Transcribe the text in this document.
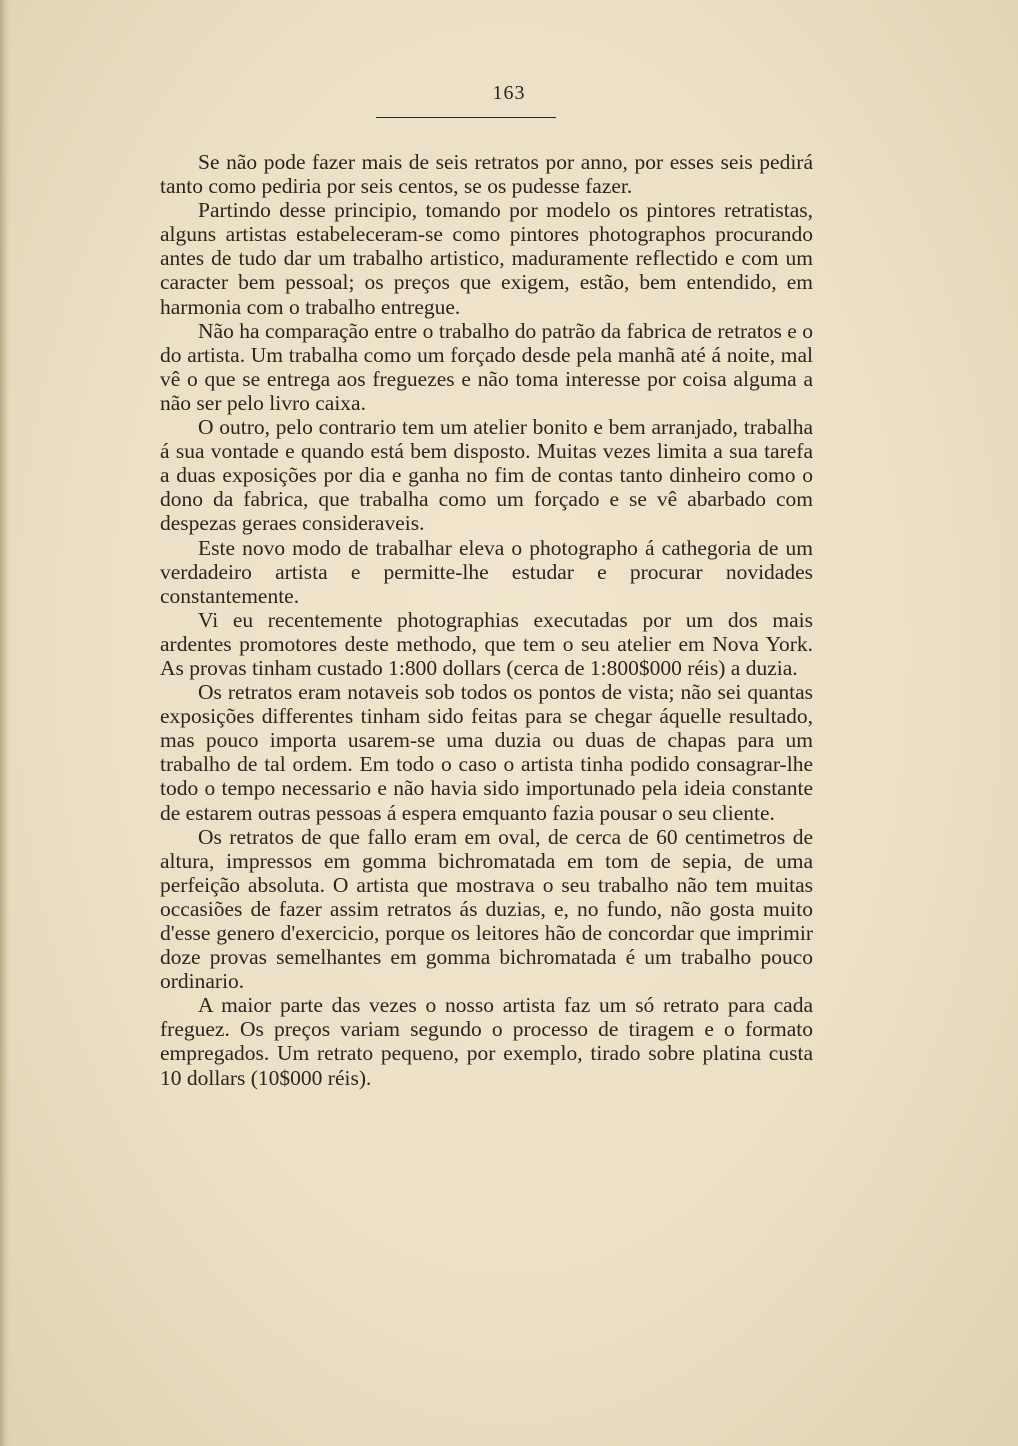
163

Se não pode fazer mais de seis retratos por anno, por esses seis pedirá tanto como pediria por seis centos, se os pudesse fazer.

Partindo desse principio, tomando por modelo os pintores retratistas, alguns artistas estabeleceram-se como pintores photographos procurando antes de tudo dar um trabalho artistico, maduramente reflectido e com um caracter bem pessoal; os preços que exigem, estão, bem entendido, em harmonia com o trabalho entregue.

Não ha comparação entre o trabalho do patrão da fabrica de retratos e o do artista. Um trabalha como um forçado desde pela manhã até á noite, mal vê o que se entrega aos freguezes e não toma interesse por coisa alguma a não ser pelo livro caixa.

O outro, pelo contrario tem um atelier bonito e bem arranjado, trabalha á sua vontade e quando está bem disposto. Muitas vezes limita a sua tarefa a duas exposições por dia e ganha no fim de contas tanto dinheiro como o dono da fabrica, que trabalha como um forçado e se vê abarbado com despezas geraes consideraveis.

Este novo modo de trabalhar eleva o photographo á cathegoria de um verdadeiro artista e permitte-lhe estudar e procurar novidades constantemente.

Vi eu recentemente photographias executadas por um dos mais ardentes promotores deste methodo, que tem o seu atelier em Nova York. As provas tinham custado 1:800 dollars (cerca de 1:800$000 réis) a duzia.

Os retratos eram notaveis sob todos os pontos de vista; não sei quantas exposições differentes tinham sido feitas para se chegar áquelle resultado, mas pouco importa usarem-se uma duzia ou duas de chapas para um trabalho de tal ordem. Em todo o caso o artista tinha podido consagrar-lhe todo o tempo necessario e não havia sido importunado pela ideia constante de estarem outras pessoas á espera emquanto fazia pousar o seu cliente.

Os retratos de que fallo eram em oval, de cerca de 60 centimetros de altura, impressos em gomma bichromatada em tom de sepia, de uma perfeição absoluta. O artista que mostrava o seu trabalho não tem muitas occasiões de fazer assim retratos ás duzias, e, no fundo, não gosta muito d'esse genero d'exercicio, porque os leitores hão de concordar que imprimir doze provas semelhantes em gomma bichromatada é um trabalho pouco ordinario.

A maior parte das vezes o nosso artista faz um só retrato para cada freguez. Os preços variam segundo o processo de tiragem e o formato empregados. Um retrato pequeno, por exemplo, tirado sobre platina custa 10 dollars (10$000 réis).
